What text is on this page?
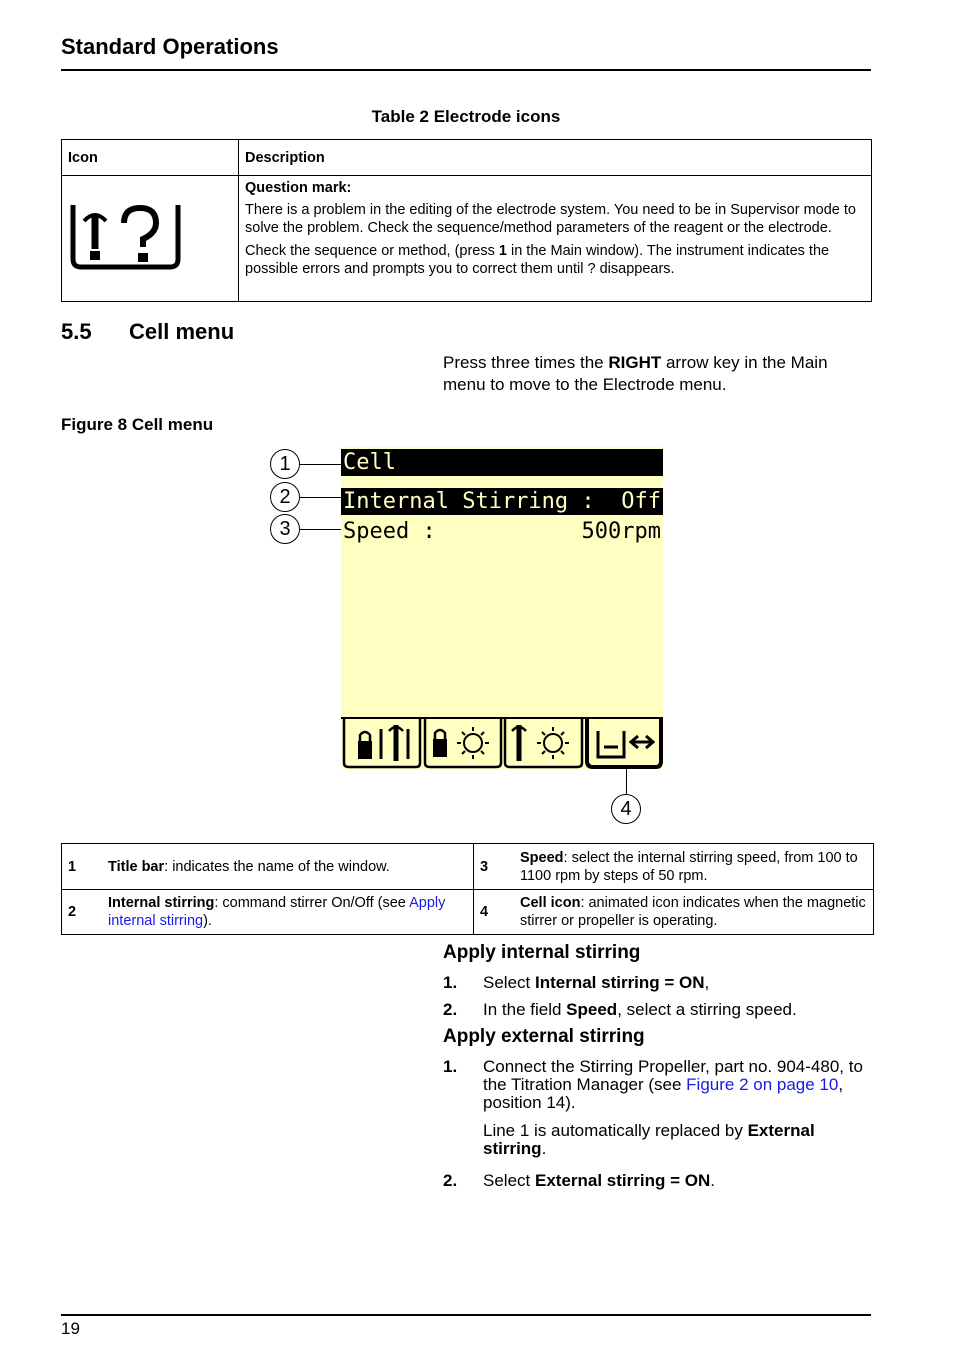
Standard Operations
Table 2 Electrode icons
Icon	Description

Question mark:

There is a problem in the editing of the electrode system. You need to be in Supervisor mode to solve the problem. Check the sequence/method parameters of the reagent or the electrode.

Check the sequence or method, (press 1 in the Main window). The instrument indicates the possible errors and prompts you to correct them until ? disappears.

5.5 Cell menu
Press three times the RIGHT arrow key in the Main menu to move to the Electrode menu.
Figure 8 Cell menu
Cell
Internal Stirring : Off
Speed :	500rpm
1
2
3
4
1	Title bar: indicates the name of the window.	3	Speed: select the internal stirring speed, from 100 to 1100 rpm by steps of 50 rpm.
2	Internal stirring: command stirrer On/Off (see Apply internal stirring).	4	Cell icon: animated icon indicates when the magnetic stirrer or propeller is operating.
Apply internal stirring
1. Select Internal stirring = ON,
2. In the field Speed, select a stirring speed.
Apply external stirring
1. Connect the Stirring Propeller, part no. 904-480, to the Titration Manager (see Figure 2 on page 10, position 14).
Line 1 is automatically replaced by External stirring.
2. Select External stirring = ON.
19
